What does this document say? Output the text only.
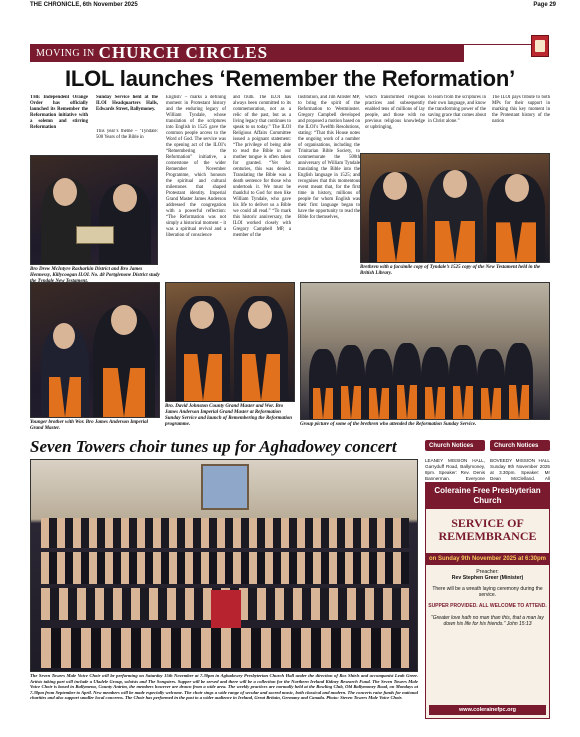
THE CHRONICLE, 6th November 2025	Page 29
MOVING IN CHURCH CIRCLES
ILOL launches ‘Remember the Reformation’
THE Independent Orange Order has officially launched its Remember the Reformation initiative with a solemn and stirring Reformation
Sunday Service held at the ILOI Headquarters Halls, Edwards Street, Ballymoney.
This year’s theme – ‘Tyndale: 500 Years of the Bible in
English’ – marks a defining moment in Protestant history and the enduring legacy of William Tyndale, whose translation of the scriptures into English in 1525 gave the common people access to the Word of God. The service was the opening act of the ILOI’s “Remembering the Reformation” initiative, a cornerstone of the wider Remember November Programme, which honours the spiritual and cultural milestones that shaped Protestant identity. Imperial Grand Master James Anderson addressed the congregation with a powerful reflection: “The Reformation was not simply a historical moment – it was a spiritual revival and a liberation of conscience
and truth. The ILOI has always been committed to its commemoration, not as a relic of the past, but as a living legacy that continues to speak to us today.” The ILOI Religious Affairs Committee issued a poignant statement: “The privilege of being able to read the Bible in our mother tongue is often taken for granted. “Yet for centuries, this was denied. Translating the Bible was a death sentence for those who undertook it. We must be thankful to God for men like William Tyndale, who gave his life to deliver us a Bible we could all read.” “To mark this historic anniversary, the ILOI worked closely with Gregory Campbell MP, a member of the
Institution, and Jim Allister MP, to bring the spirit of the Reformation to Westminster. Gregory Campbell developed and proposed a motion based on the ILOI’s Twelfth Resolutions, stating: “That this House notes the ongoing work of a number of organisations, including the Trinitarian Bible Society, to commemorate the 500th anniversary of William Tyndale translating the Bible into the English language in 1525; and recognises that this momentous event meant that, for the first time in history, millions of people for whom English was their first language began to have the opportunity to read the Bible for themselves,
which transformed religious practices and subsequently enabled tens of millions of lay people, and those with no previous religious knowledge or upbringing,
to learn from the scriptures in their own language, and know the transforming power of the saving grace that comes about in Christ alone.”
The ILOI pays tribute to both MPs for their support in marking this key moment in the Protestant history of the nation
Bro Drew McIntyre Rasharkin District and Bro James Hennessy, Killycoogan ILOL No. 48 Portglenone District study
Brethren with a facsimile copy of Tyndale’s 1525 copy of the New Testament held in the British Library.
Younger brother with Wor. Bro James Anderson Imperial Grand Master.
Bro. David Johnston County Grand Master and Wor. Bro James Anderson Imperial Grand Master at Reformation Sunday Service and launch of Remembering the Reformation programme.	Group picture of some of the brethren who attended the Reformation Sunday Service.
Seven Towers choir tunes up for Aghadowey concert
The Seven Towers Male Voice Choir will be performing on Saturday 15th November at 7.30pm in Aghadowey Presbyterian Church Hall under the direction of Ros Shiels and accompanist Leah Greer. Artists taking part will include a Ukulele Group, soloists and The Songsters. Supper will be served and there will be a collection for the Northern Ireland Kidney Research Fund. The Seven Towers Male Voice Choir is based in Ballymena, County Antrim, the members however are drawn from a wide area. The weekly practices are normally held at the Bowling Club, Old Ballymoney Road, on Mondays at 7.30pm from September to April. New members will be made especially welcome. The choir sings a wide range of secular and sacred music, both classical and modern. The concerts raise funds for national charities and also support smaller local concerns. The Choir has performed in the past to a wider audience in Ireland, Great Britain, Germany and Canada. Photo: Steven Towers Male Voice Choir.
Church Notices	Church Notices
LEANEY MISSION HALL, Garryduff Road, Ballymoney, 8pm. Speaker: Rev. Denis Bannerman. Everyone
BOVEEDY MISSION HALL Sunday 9th November 2025 at 3.30pm. Speaker: Mr Dean McClelland. All
Coleraine Free Presbyterian Church
SERVICE OF REMEMBRANCE
on Sunday 9th November 2025 at 6:30pm
Preacher:
Rev Stephen Greer (Minister)
There will be a wreath laying ceremony during the service.
SUPPER PROVIDED. ALL WELCOME TO ATTEND.
“Greater love hath no man than this, that a man lay down his life for his friends.” John 15:13
www.colerainefpc.org
